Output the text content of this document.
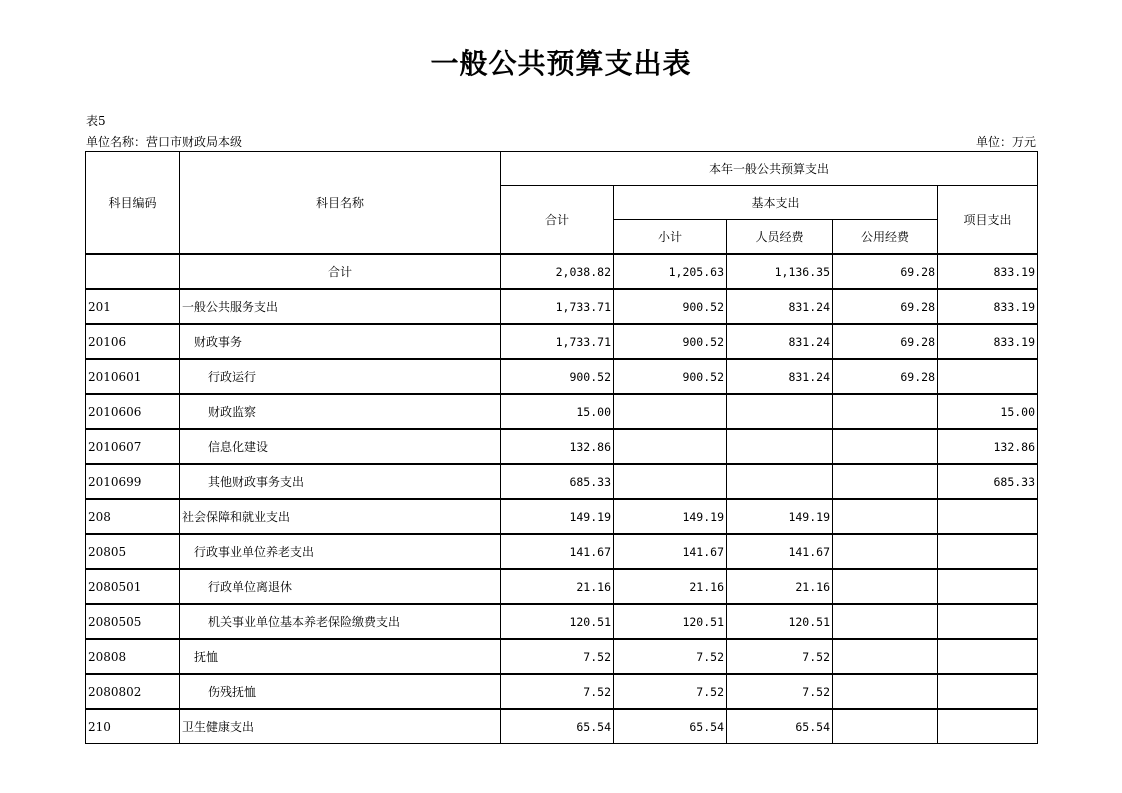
一般公共预算支出表
表5
单位名称：营口市财政局本级	单位：万元
科目编码	科目名称	本年一般公共预算支出				
		合计	基本支出			项目支出
			小计	人员经费	公用经费	
	合计	2,038.82	1,205.63	1,136.35	69.28	833.19
201	一般公共服务支出	1,733.71	900.52	831.24	69.28	833.19
20106	财政事务	1,733.71	900.52	831.24	69.28	833.19
2010601	行政运行	900.52	900.52	831.24	69.28	
2010606	财政监察	15.00				15.00
2010607	信息化建设	132.86				132.86
2010699	其他财政事务支出	685.33				685.33
208	社会保障和就业支出	149.19	149.19	149.19		
20805	行政事业单位养老支出	141.67	141.67	141.67		
2080501	行政单位离退休	21.16	21.16	21.16		
2080505	机关事业单位基本养老保险缴费支出	120.51	120.51	120.51		
20808	抚恤	7.52	7.52	7.52		
2080802	伤残抚恤	7.52	7.52	7.52		
210	卫生健康支出	65.54	65.54	65.54		
